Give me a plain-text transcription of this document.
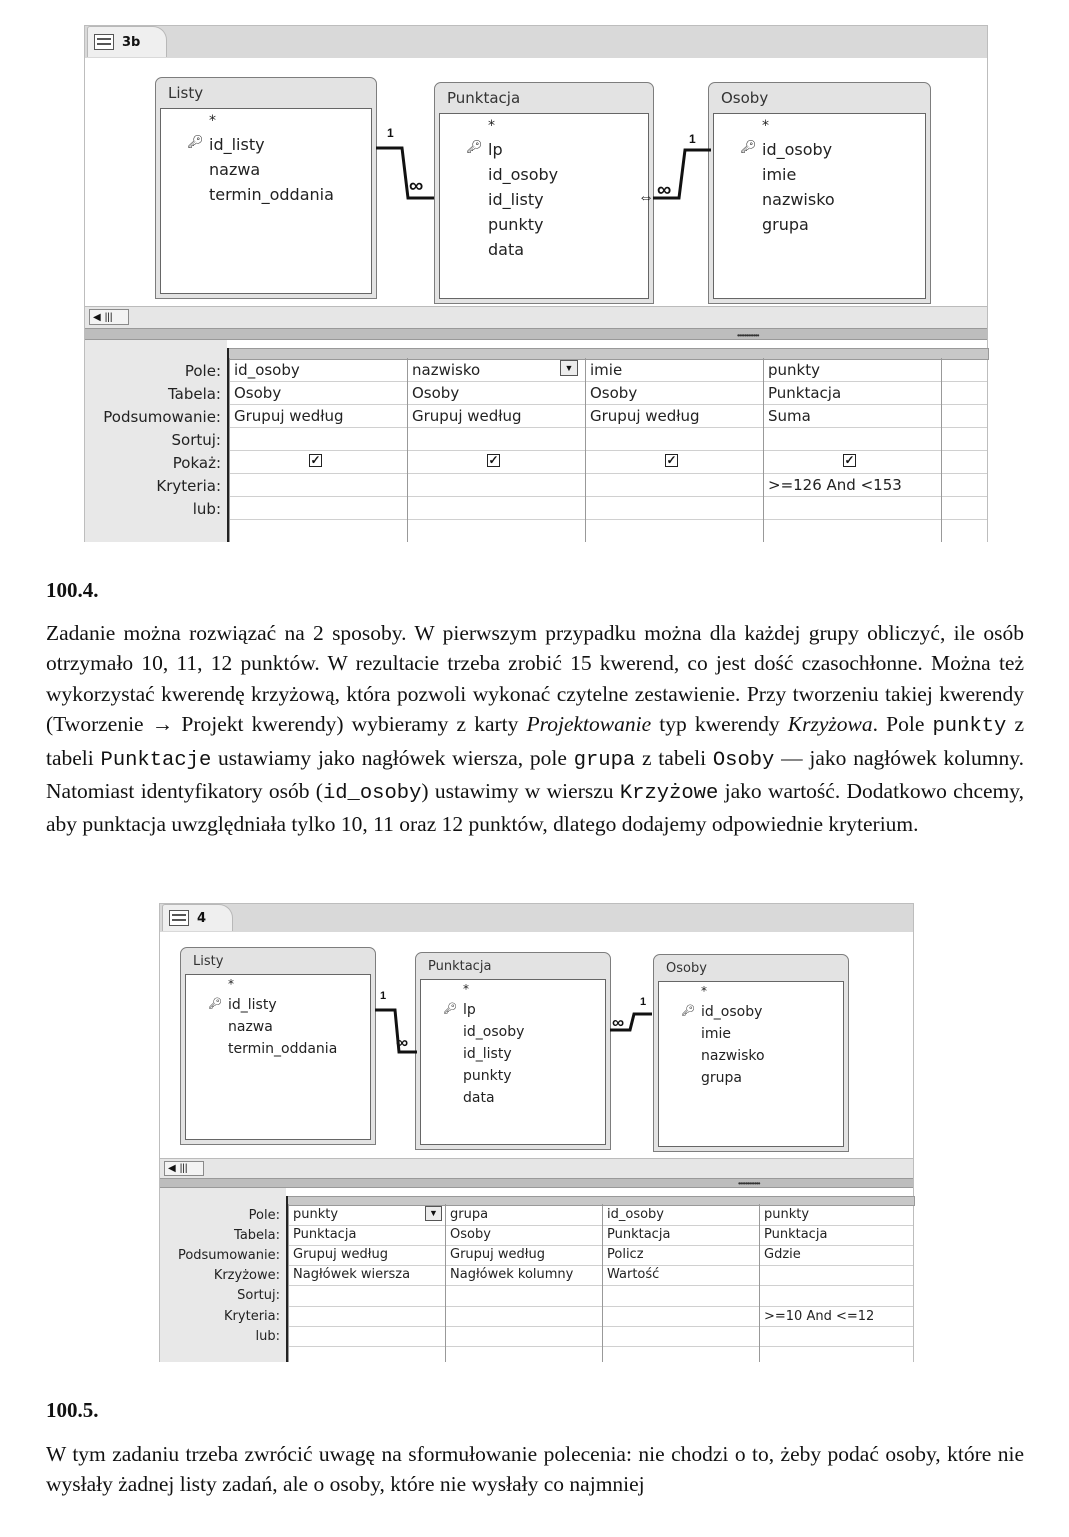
3b
Listy
*
🔑︎ id_listy
nazwa
termin_oddania
Punktacja
*
🔑︎ lp
id_osoby
id_listy
punkty
data
Osoby
*
🔑︎ id_osoby
imie
nazwisko
grupa
1
∞
1
∞
⇔
◀ |||
••••••••••••
Pole:
Tabela:
Podsumowanie:
Sortuj:
Pokaż:
Kryteria:
lub:
id_osoby
Osoby
Grupuj według
✓
nazwisko	▼
Osoby
Grupuj według
✓
imie
Osoby
Grupuj według
✓
punkty
Punktacja
Suma
✓
>=126 And <153
100.4.
Zadanie można rozwiązać na 2 sposoby. W pierwszym przypadku można dla każdej grupy obliczyć, ile osób otrzymało 10, 11, 12 punktów. W rezultacie trzeba zrobić 15 kwerend, co jest dość czasochłonne. Można też wykorzystać kwerendę krzyżową, która pozwoli wykonać czytelne zestawienie. Przy tworzeniu takiej kwerendy (Tworzenie → Projekt kwerendy) wybieramy z karty Projektowanie typ kwerendy Krzyżowa. Pole punkty z tabeli Punktacje ustawiamy jako nagłówek wiersza, pole grupa z tabeli Osoby — jako nagłówek kolumny. Natomiast identyfikatory osób (id_osoby) ustawimy w wierszu Krzyżowe jako wartość. Dodatkowo chcemy, aby punktacja uwzględniała tylko 10, 11 oraz 12 punktów, dlatego dodajemy odpowiednie kryterium.
4
Listy
*
🔑︎ id_listy
nazwa
termin_oddania
Punktacja
*
🔑︎ lp
id_osoby
id_listy
punkty
data
Osoby
*
🔑︎ id_osoby
imie
nazwisko
grupa
1
∞
1
∞
◀ |||
••••••••••••
Pole:
Tabela:
Podsumowanie:
Krzyżowe:
Sortuj:
Kryteria:
lub:
punkty	▼
Punktacja
Grupuj według
Nagłówek wiersza
grupa
Osoby
Grupuj według
Nagłówek kolumny
id_osoby
Punktacja
Policz
Wartość
punkty
Punktacja
Gdzie
>=10 And <=12
100.5.
W tym zadaniu trzeba zwrócić uwagę na sformułowanie polecenia: nie chodzi o to, żeby podać osoby, które nie wysłały żadnej listy zadań, ale o osoby, które nie wysłały co najmniej
